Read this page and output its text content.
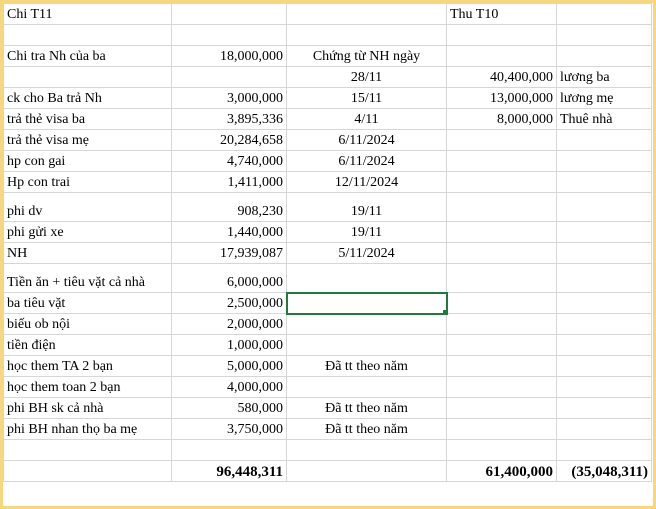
Chi T11			Thu T10	

Chi tra Nh của ba	18,000,000	Chứng từ NH ngày		
		28/11	40,400,000	lương ba
ck cho Ba trả Nh	3,000,000	15/11	13,000,000	lương mẹ
trả thẻ visa ba	3,895,336	4/11	8,000,000	Thuê nhà
trả thẻ visa mẹ	20,284,658	6/11/2024		
hp con gai	4,740,000	6/11/2024		
Hp con trai	1,411,000	12/11/2024		
phi dv	908,230	19/11		
phi gửi xe	1,440,000	19/11		
NH	17,939,087	5/11/2024		
Tiền ăn + tiêu vặt cả nhà	6,000,000			
ba tiêu vặt	2,500,000	

biếu ob nội	2,000,000			
tiền điện	1,000,000			
học them TA 2 bạn	5,000,000	Đã tt theo năm		
học them toan 2 bạn	4,000,000			
phi BH sk cả nhà	580,000	Đã tt theo năm		
phi BH nhan thọ ba mẹ	3,750,000	Đã tt theo năm		

	96,448,311		61,400,000	(35,048,311)
